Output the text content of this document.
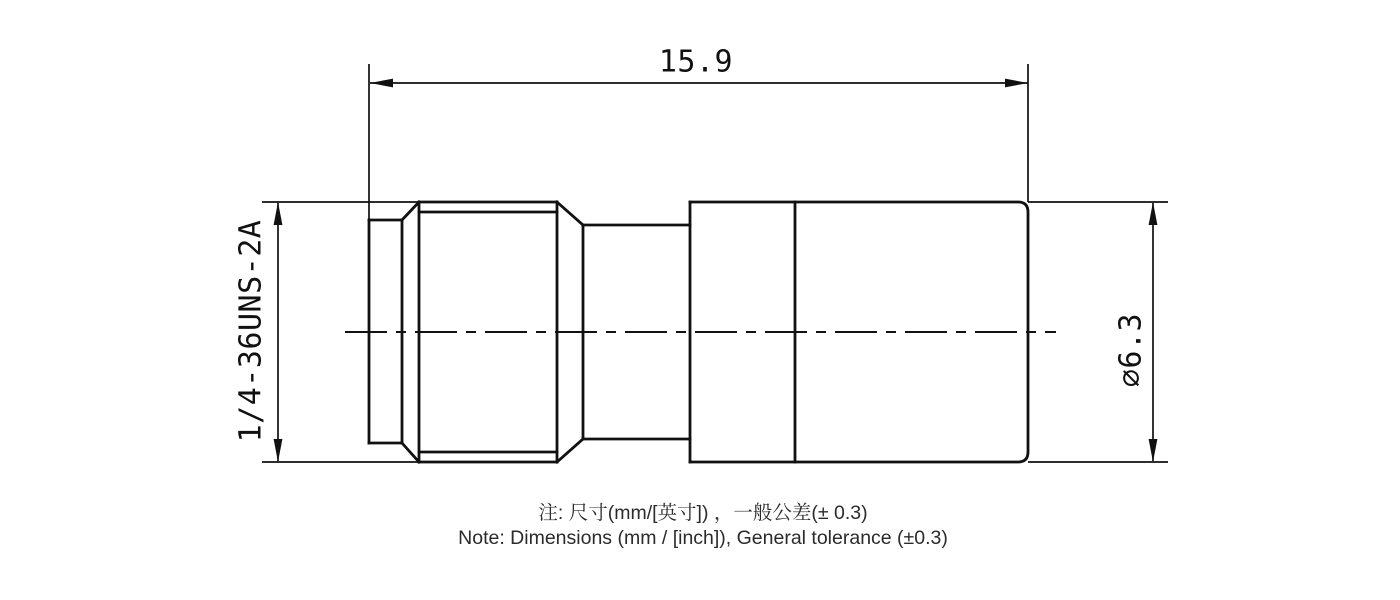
15.9
1/4-36UNS-2A	⌀6.3
注: 尺寸(mm/[英寸]) ，一般公差(± 0.3)
Note: Dimensions (mm / [inch]), General tolerance (±0.3)
